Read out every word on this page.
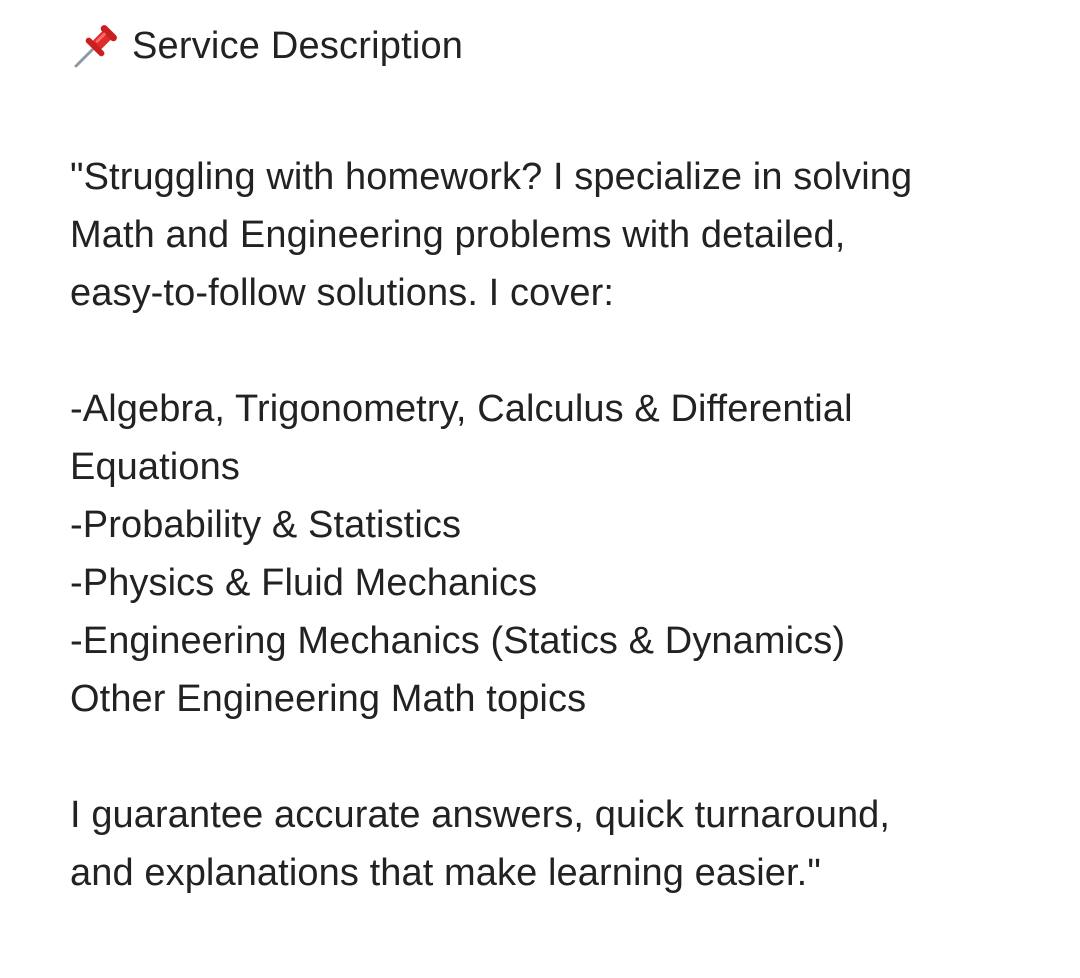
Service Description

"Struggling with homework? I specialize in solving

Math and Engineering problems with detailed,

easy-to-follow solutions. I cover:

-Algebra, Trigonometry, Calculus & Differential

Equations

-Probability & Statistics

-Physics & Fluid Mechanics

-Engineering Mechanics (Statics & Dynamics)

Other Engineering Math topics

I guarantee accurate answers, quick turnaround,

and explanations that make learning easier."
